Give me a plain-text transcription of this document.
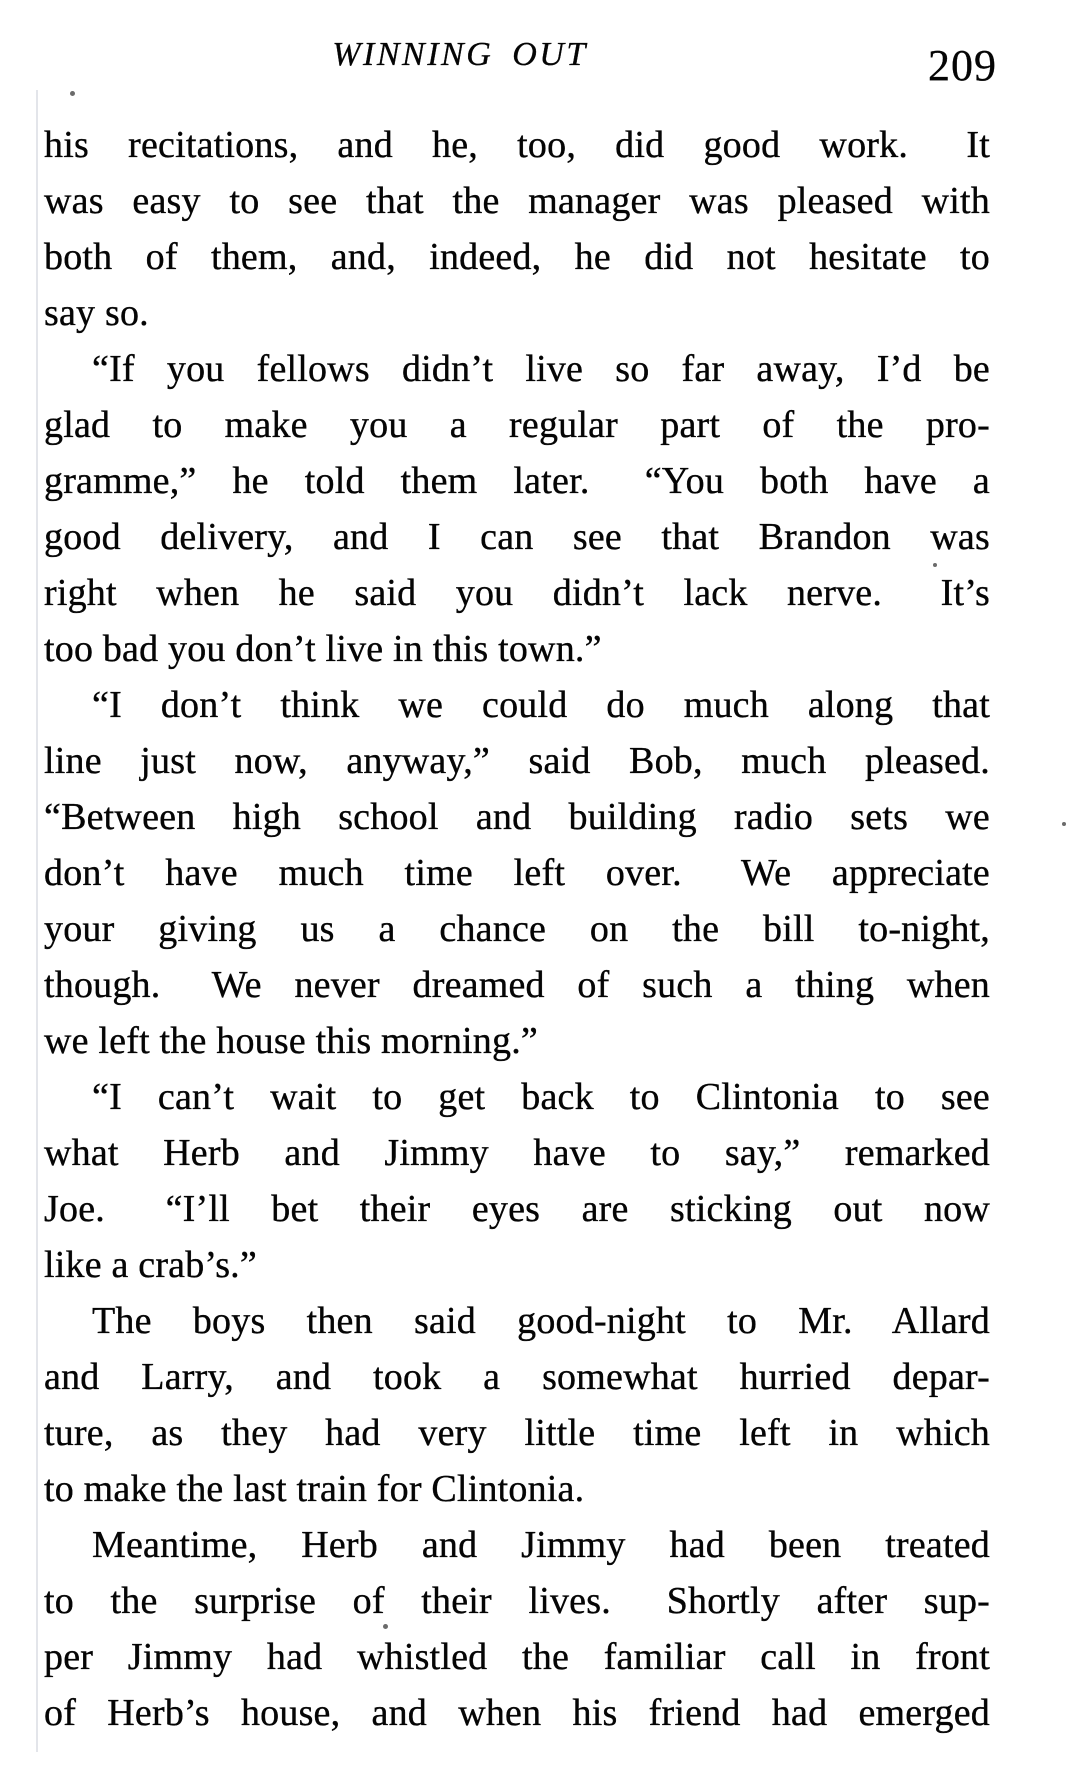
WINNING OUT	209
his recitations, and he, too, did good work.  It
was easy to see that the manager was pleased with
both of them, and, indeed, he did not hesitate to
say so.
“If you fellows didn’t live so far away, I’d be
glad to make you a regular part of the pro-
gramme,” he told them later.  “You both have a
good delivery, and I can see that Brandon was
right when he said you didn’t lack nerve.  It’s
too bad you don’t live in this town.”
“I don’t think we could do much along that
line just now, anyway,” said Bob, much pleased.
“Between high school and building radio sets we
don’t have much time left over.  We appreciate
your giving us a chance on the bill to-night,
though.  We never dreamed of such a thing when
we left the house this morning.”
“I can’t wait to get back to Clintonia to see
what Herb and Jimmy have to say,” remarked
Joe.  “I’ll bet their eyes are sticking out now
like a crab’s.”
The boys then said good-night to Mr. Allard
and Larry, and took a somewhat hurried depar-
ture, as they had very little time left in which
to make the last train for Clintonia.
Meantime, Herb and Jimmy had been treated
to the surprise of their lives.  Shortly after sup-
per Jimmy had whistled the familiar call in front
of Herb’s house, and when his friend had emerged
